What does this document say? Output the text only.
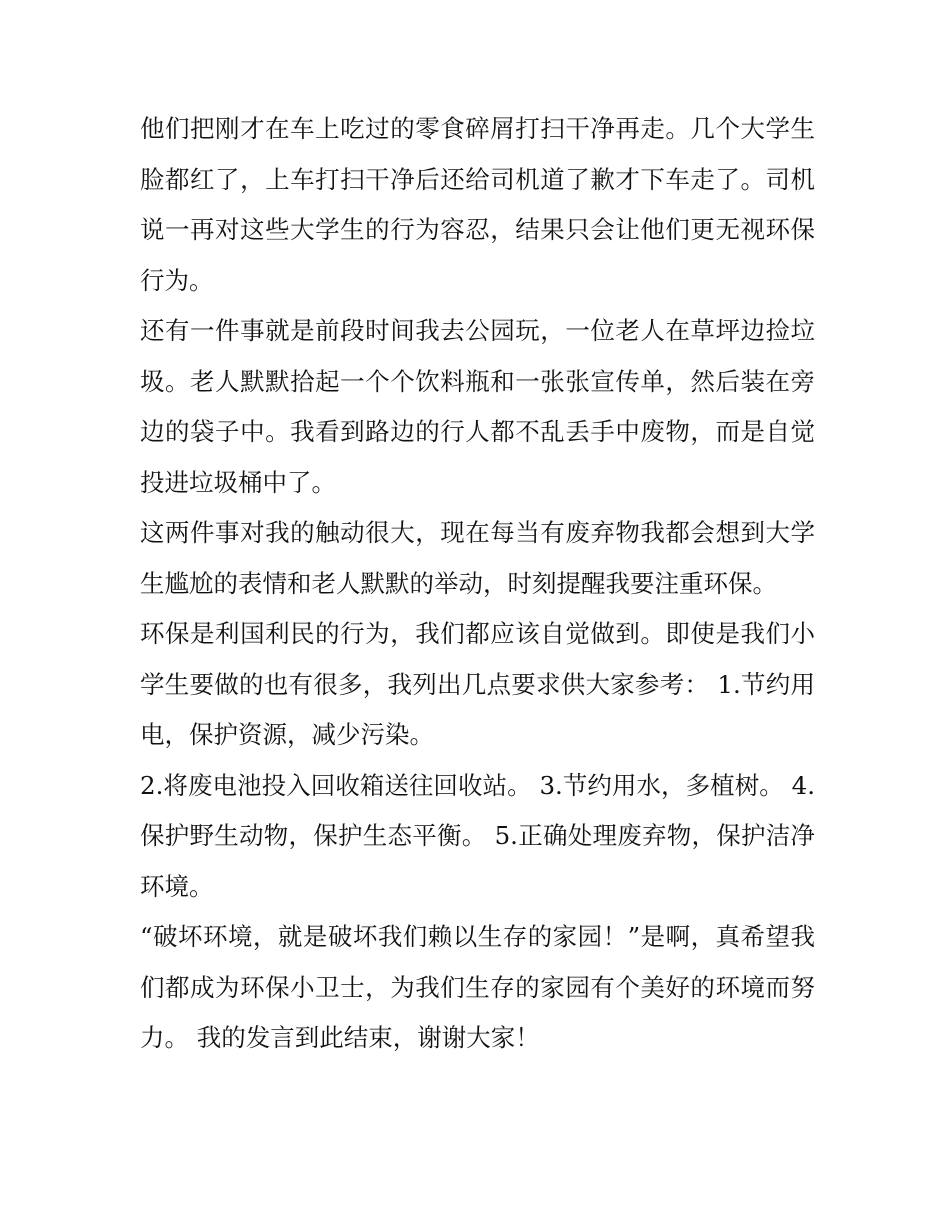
他们把刚才在车上吃过的零食碎屑打扫干净再走。几个大学生脸都红了，上车打扫干净后还给司机道了歉才下车走了。司机说一再对这些大学生的行为容忍，结果只会让他们更无视环保行为。

还有一件事就是前段时间我去公园玩，一位老人在草坪边捡垃圾。老人默默拾起一个个饮料瓶和一张张宣传单，然后装在旁边的袋子中。我看到路边的行人都不乱丢手中废物，而是自觉投进垃圾桶中了。

这两件事对我的触动很大，现在每当有废弃物我都会想到大学生尴尬的表情和老人默默的举动，时刻提醒我要注重环保。

环保是利国利民的行为，我们都应该自觉做到。即使是我们小学生要做的也有很多，我列出几点要求供大家参考： 1.节约用电，保护资源，减少污染。

2.将废电池投入回收箱送往回收站。 3.节约用水，多植树。 4.保护野生动物，保护生态平衡。 5.正确处理废弃物，保护洁净环境。

“破坏环境，就是破坏我们赖以生存的家园！”是啊，真希望我们都成为环保小卫士，为我们生存的家园有个美好的环境而努力。 我的发言到此结束，谢谢大家！
